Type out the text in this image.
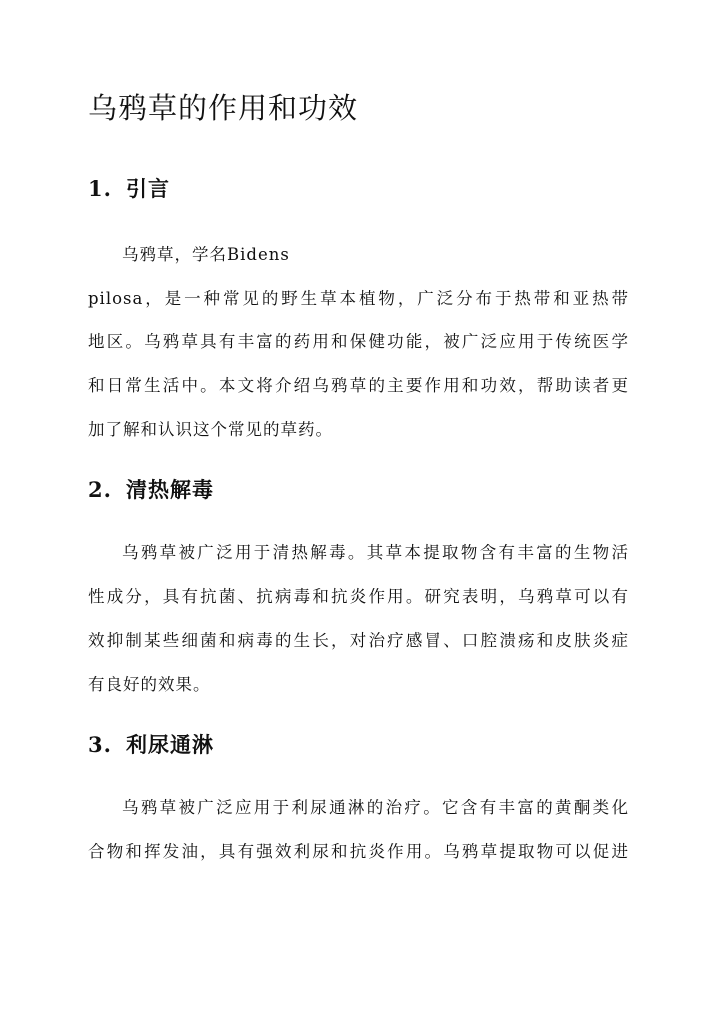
乌鸦草的作用和功效
1. 引言

乌鸦草，学名Bidens

pilosa，是一种常见的野生草本植物，广泛分布于热带和亚热带

地区。乌鸦草具有丰富的药用和保健功能，被广泛应用于传统医学

和日常生活中。本文将介绍乌鸦草的主要作用和功效，帮助读者更

加了解和认识这个常见的草药。

2. 清热解毒

乌鸦草被广泛用于清热解毒。其草本提取物含有丰富的生物活

性成分，具有抗菌、抗病毒和抗炎作用。研究表明，乌鸦草可以有

效抑制某些细菌和病毒的生长，对治疗感冒、口腔溃疡和皮肤炎症

有良好的效果。

3. 利尿通淋

乌鸦草被广泛应用于利尿通淋的治疗。它含有丰富的黄酮类化

合物和挥发油，具有强效利尿和抗炎作用。乌鸦草提取物可以促进
